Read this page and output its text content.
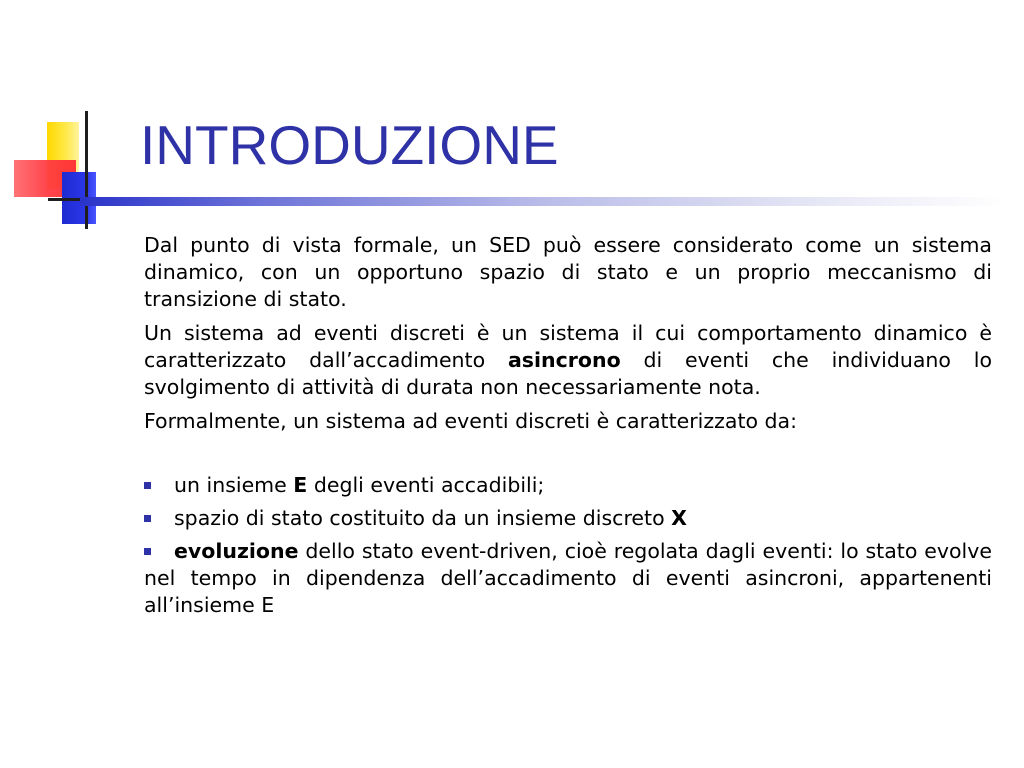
INTRODUZIONE

Dal punto di vista formale, un SED può essere considerato come un sistema dinamico, con un opportuno spazio di stato e un proprio meccanismo di transizione di stato.

Un sistema ad eventi discreti è un sistema il cui comportamento dinamico è caratterizzato dall’accadimento asincrono di eventi che individuano lo svolgimento di attività di durata non necessariamente nota.

Formalmente, un sistema ad eventi discreti è caratterizzato da:

un insieme E degli eventi accadibili;
spazio di stato costituito da un insieme discreto X
evoluzione dello stato event-driven, cioè regolata dagli eventi: lo stato evolve nel tempo in dipendenza dell’accadimento di eventi asincroni, appartenenti all’insieme E
